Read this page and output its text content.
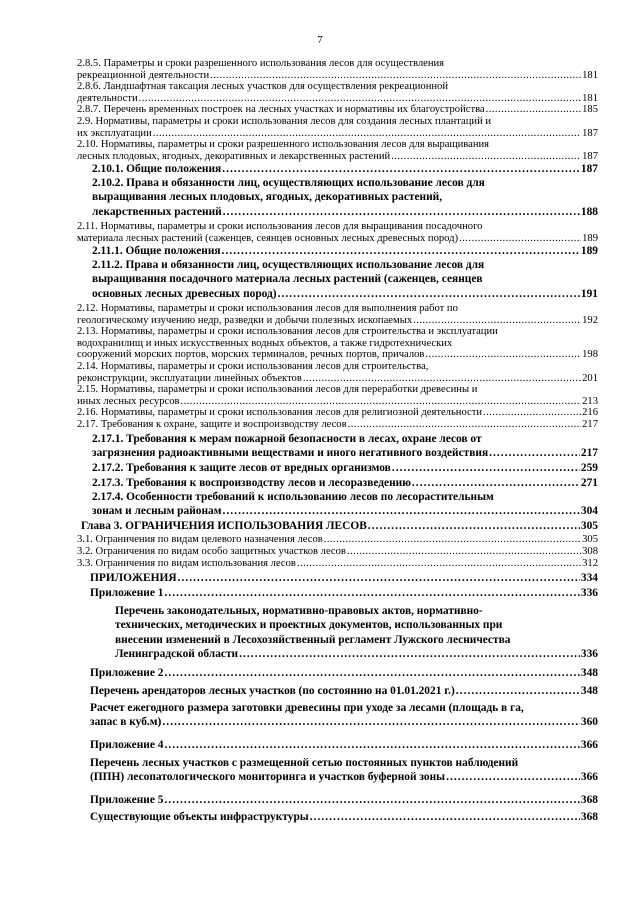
7
2.8.5. Параметры и сроки разрешенного использования лесов для осуществления
рекреационной деятельности . . .	181
2.8.6. Ландшафтная таксация лесных участков для осуществления рекреационной
деятельности . . .	181
2.8.7. Перечень временных построек на лесных участках и нормативы их благоустройства . . .	185
2.9. Нормативы, параметры и сроки использования лесов для создания лесных плантаций и
их эксплуатации . . .	187
2.10. Нормативы, параметры и сроки разрешенного использования лесов для выращивания
лесных плодовых, ягодных, декоративных и лекарственных растений . . .	187
2.10.1. Общие положения . . .	187
2.10.2. Права и обязанности лиц, осуществляющих использование лесов для
выращивания лесных плодовых, ягодных, декоративных растений,
лекарственных растений . . .	188
2.11. Нормативы, параметры и сроки использования лесов для выращивания посадочного
материала лесных растений (саженцев, сеянцев основных лесных древесных пород) . . .	189
2.11.1. Общие положения . . .	189
2.11.2. Права и обязанности лиц, осуществляющих использование лесов для
выращивания посадочного материала лесных растений (саженцев, сеянцев
основных лесных древесных пород) . . .	191
2.12. Нормативы, параметры и сроки использования лесов для выполнения работ по
геологическому изучению недр, разведки и добычи полезных ископаемых . . .	192
2.13. Нормативы, параметры и сроки использования лесов для строительства и эксплуатации
водохранилищ и иных искусственных водных объектов, а также гидротехнических
сооружений морских портов, морских терминалов, речных портов, причалов . . .	198
2.14. Нормативы, параметры и сроки использования лесов для строительства,
реконструкции, эксплуатации линейных объектов . . .	201
2.15. Нормативы, параметры и сроки использования лесов для переработки древесины и
иных лесных ресурсов . . .	213
2.16. Нормативы, параметры и сроки использования лесов для религиозной деятельности . . .	216
2.17. Требования к охране, защите и воспроизводству лесов . . .	217
2.17.1. Требования к мерам пожарной безопасности в лесах, охране лесов от
загрязнения радиоактивными веществами и иного негативного воздействия . . .	217
2.17.2. Требования к защите лесов от вредных организмов . . .	259
2.17.3. Требования к воспроизводству лесов и лесоразведению . . .	271
2.17.4. Особенности требований к использованию лесов по лесорастительным
зонам и лесным районам . . .	304
Глава 3. ОГРАНИЧЕНИЯ ИСПОЛЬЗОВАНИЯ ЛЕСОВ . . .	305
3.1. Ограничения по видам целевого назначения лесов . . .	305
3.2. Ограничения по видам особо защитных участков лесов . . .	308
3.3. Ограничения по видам использования лесов . . .	312
ПРИЛОЖЕНИЯ . . .	334
Приложение 1 . . .	336
Перечень законодательных, нормативно-правовых актов, нормативно-
технических, методических и проектных документов, использованных при
внесении изменений в Лесохозяйственный регламент Лужского лесничества
Ленинградской области . . .	336
Приложение 2 . . .	348
Перечень арендаторов лесных участков (по состоянию на 01.01.2021 г.) . . .	348
Расчет ежегодного размера заготовки древесины при уходе за лесами (площадь в га,
запас в куб.м) . . .	360
Приложение 4 . . .	366
Перечень лесных участков с размещенной сетью постоянных пунктов наблюдений
(ППН) лесопатологического мониторинга и участков буферной зоны . . .	366
Приложение 5 . . .	368
Существующие объекты инфраструктуры . . .	368
